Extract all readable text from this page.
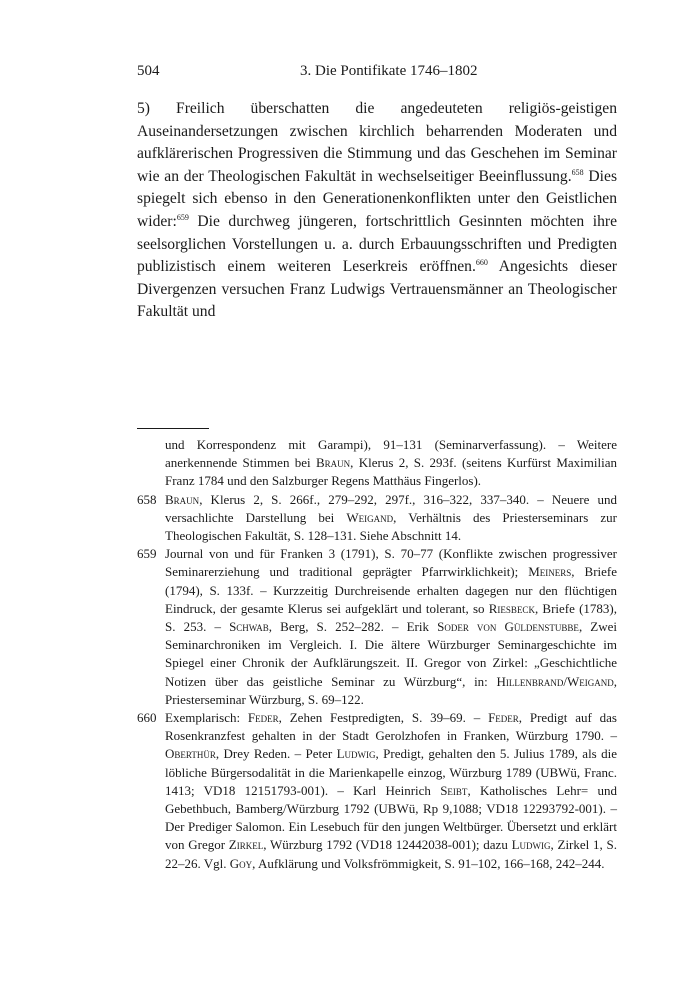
504	3. Die Pontifikate 1746–1802

5) Freilich überschatten die angedeuteten religiös-geistigen Auseinandersetzungen zwischen kirchlich beharrenden Moderaten und aufklärerischen Progressiven die Stimmung und das Geschehen im Seminar wie an der Theologischen Fakultät in wechselseitiger Beeinflussung.$^{658}$ Dies spiegelt sich ebenso in den Generationenkonflikten unter den Geistlichen wider:$^{659}$ Die durchweg jüngeren, fortschrittlich Gesinnten möchten ihre seelsorglichen Vorstellungen u. a. durch Erbauungsschriften und Predigten publizistisch einem weiteren Leserkreis eröffnen.$^{660}$ Angesichts dieser Divergenzen versuchen Franz Ludwigs Vertrauensmänner an Theologischer Fakultät und

und Korrespondenz mit Garampi), 91–131 (Seminarverfassung). – Weitere anerkennende Stimmen bei Braun, Klerus 2, S. 293f. (seitens Kurfürst Maximilian Franz 1784 und den Salzburger Regens Matthäus Fingerlos).

658 Braun, Klerus 2, S. 266f., 279–292, 297f., 316–322, 337–340. – Neuere und versachlichte Darstellung bei Weigand, Verhältnis des Priesterseminars zur Theologischen Fakultät, S. 128–131. Siehe Abschnitt 14.

659 Journal von und für Franken 3 (1791), S. 70–77 (Konflikte zwischen progressiver Seminarerziehung und traditional geprägter Pfarrwirklichkeit); Meiners, Briefe (1794), S. 133f. – Kurzzeitig Durchreisende erhalten dagegen nur den flüchtigen Eindruck, der gesamte Klerus sei aufgeklärt und tolerant, so Riesbeck, Briefe (1783), S. 253. – Schwab, Berg, S. 252–282. – Erik Soder von Güldenstubbe, Zwei Seminarchroniken im Vergleich. I. Die ältere Würzburger Seminargeschichte im Spiegel einer Chronik der Aufklärungszeit. II. Gregor von Zirkel: „Geschichtliche Notizen über das geistliche Seminar zu Würzburg“, in: Hillenbrand/Weigand, Priesterseminar Würzburg, S. 69–122.

660 Exemplarisch: Feder, Zehen Festpredigten, S. 39–69. – Feder, Predigt auf das Rosenkranzfest gehalten in der Stadt Gerolzhofen in Franken, Würzburg 1790. – Oberthür, Drey Reden. – Peter Ludwig, Predigt, gehalten den 5. Julius 1789, als die löbliche Bürgersodalität in die Marienkapelle einzog, Würzburg 1789 (UBWü, Franc. 1413; VD18 12151793-001). – Karl Heinrich Seibt, Katholisches Lehr= und Gebethbuch, Bamberg/Würzburg 1792 (UBWü, Rp 9,1088; VD18 12293792-001). – Der Prediger Salomon. Ein Lesebuch für den jungen Weltbürger. Übersetzt und erklärt von Gregor Zirkel, Würzburg 1792 (VD18 12442038-001); dazu Ludwig, Zirkel 1, S. 22–26. Vgl. Goy, Aufklärung und Volksfrömmigkeit, S. 91–102, 166–168, 242–244.
